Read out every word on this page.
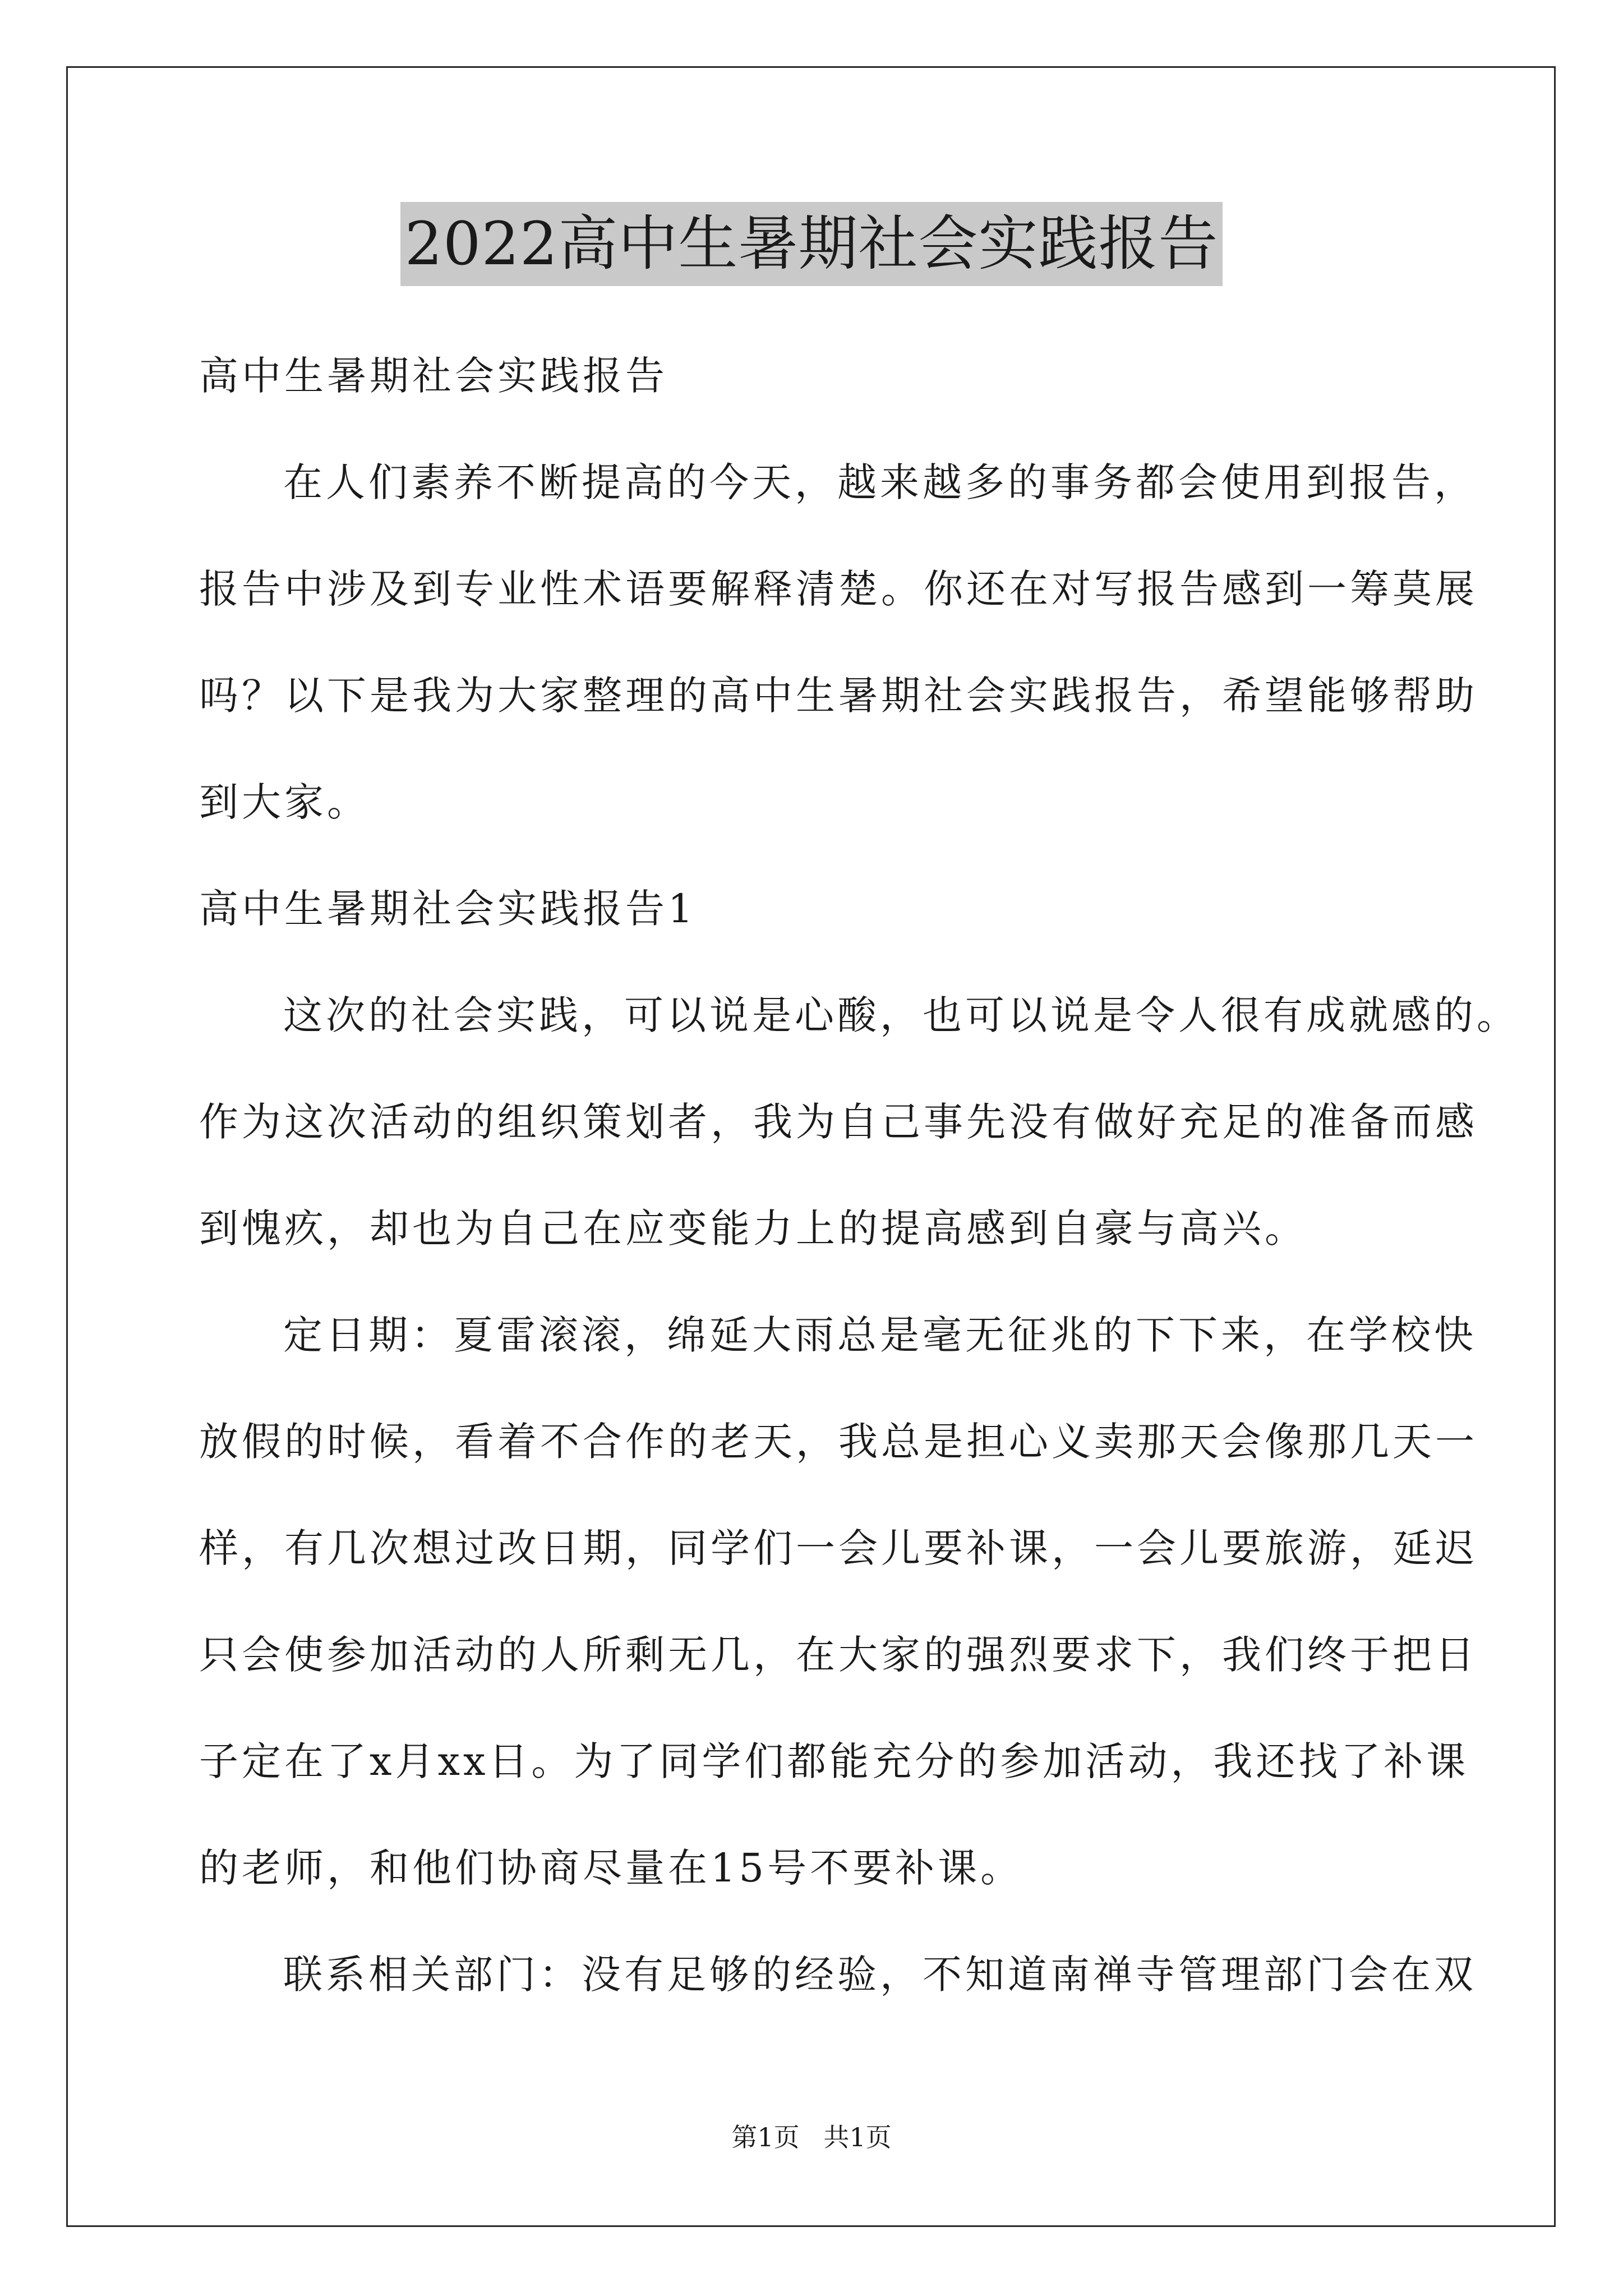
2022高中生暑期社会实践报告
高中生暑期社会实践报告
在人们素养不断提高的今天，越来越多的事务都会使用到报告，
报告中涉及到专业性术语要解释清楚。你还在对写报告感到一筹莫展
吗？以下是我为大家整理的高中生暑期社会实践报告，希望能够帮助
到大家。
高中生暑期社会实践报告1
这次的社会实践，可以说是心酸，也可以说是令人很有成就感的。
作为这次活动的组织策划者，我为自己事先没有做好充足的准备而感
到愧疚，却也为自己在应变能力上的提高感到自豪与高兴。
定日期：夏雷滚滚，绵延大雨总是毫无征兆的下下来，在学校快
放假的时候，看着不合作的老天，我总是担心义卖那天会像那几天一
样，有几次想过改日期，同学们一会儿要补课，一会儿要旅游，延迟
只会使参加活动的人所剩无几，在大家的强烈要求下，我们终于把日
子定在了x月xx日。为了同学们都能充分的参加活动，我还找了补课
的老师，和他们协商尽量在15号不要补课。
联系相关部门：没有足够的经验，不知道南禅寺管理部门会在双
第1页 共1页
